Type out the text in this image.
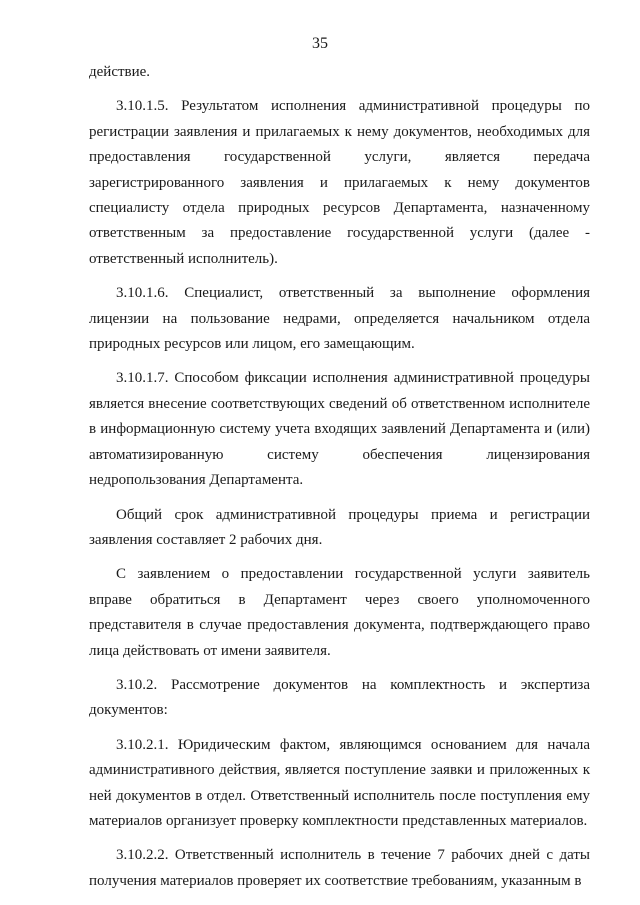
35

действие.

3.10.1.5. Результатом исполнения административной процедуры по регистрации заявления и прилагаемых к нему документов, необходимых для предоставления государственной услуги, является передача зарегистрированного заявления и прилагаемых к нему документов специалисту отдела природных ресурсов Департамента, назначенному ответственным за предоставление государственной услуги (далее - ответственный исполнитель).

3.10.1.6. Специалист, ответственный за выполнение оформления лицензии на пользование недрами, определяется начальником отдела природных ресурсов или лицом, его замещающим.

3.10.1.7. Способом фиксации исполнения административной процедуры является внесение соответствующих сведений об ответственном исполнителе в информационную систему учета входящих заявлений Департамента и (или) автоматизированную систему обеспечения лицензирования недропользования Департамента.

Общий срок административной процедуры приема и регистрации заявления составляет 2 рабочих дня.

С заявлением о предоставлении государственной услуги заявитель вправе обратиться в Департамент через своего уполномоченного представителя в случае предоставления документа, подтверждающего право лица действовать от имени заявителя.

3.10.2. Рассмотрение документов на комплектность и экспертиза документов:

3.10.2.1. Юридическим фактом, являющимся основанием для начала административного действия, является поступление заявки и приложенных к ней документов в отдел. Ответственный исполнитель после поступления ему материалов организует проверку комплектности представленных материалов.

3.10.2.2. Ответственный исполнитель в течение 7 рабочих дней с даты получения материалов проверяет их соответствие требованиям, указанным в
